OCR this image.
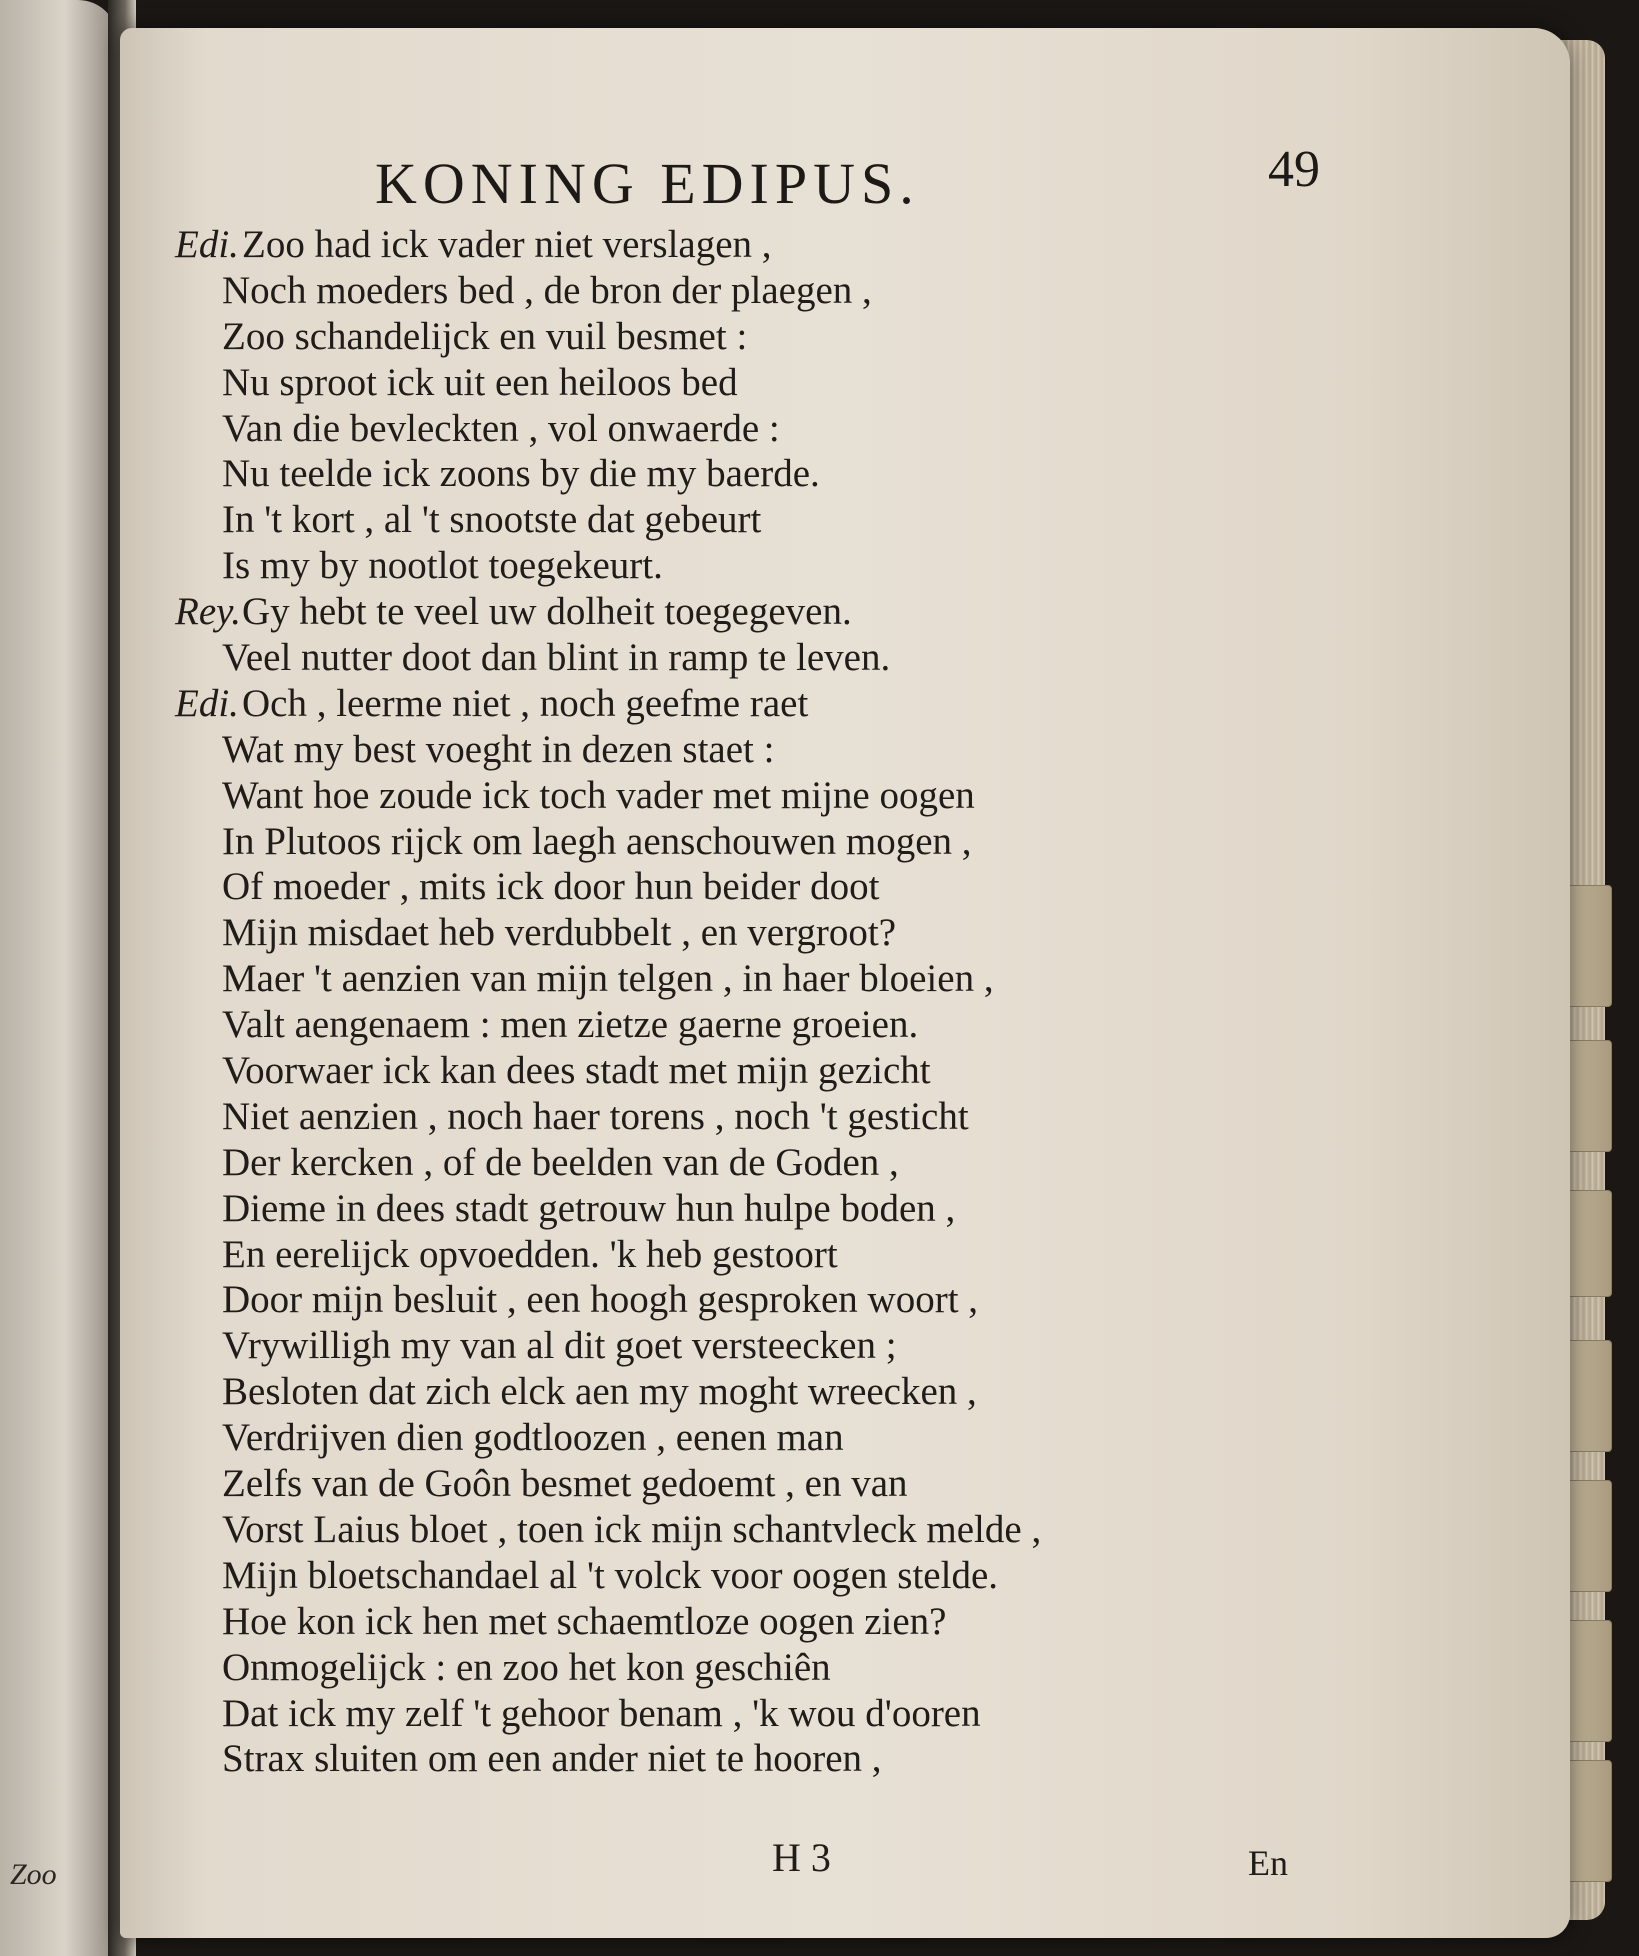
Zoo
KONING EDIPUS.	49
Edi.Zoo had ick vader niet verslagen ,
Noch moeders bed , de bron der plaegen ,
Zoo schandelijck en vuil besmet :
Nu sproot ick uit een heiloos bed
Van die bevleckten , vol onwaerde :
Nu teelde ick zoons by die my baerde.
In 't kort , al 't snootste dat gebeurt
Is my by nootlot toegekeurt.
Rey.Gy hebt te veel uw dolheit toegegeven.
Veel nutter doot dan blint in ramp te leven.
Edi.Och , leerme niet , noch geefme raet
Wat my best voeght in dezen staet :
Want hoe zoude ick toch vader met mijne oogen
In Plutoos rijck om laegh aenschouwen mogen ,
Of moeder , mits ick door hun beider doot
Mijn misdaet heb verdubbelt , en vergroot?
Maer 't aenzien van mijn telgen , in haer bloeien ,
Valt aengenaem : men zietze gaerne groeien.
Voorwaer ick kan dees stadt met mijn gezicht
Niet aenzien , noch haer torens , noch 't gesticht
Der kercken , of de beelden van de Goden ,
Dieme in dees stadt getrouw hun hulpe boden ,
En eerelijck opvoedden. 'k heb gestoort
Door mijn besluit , een hoogh gesproken woort ,
Vrywilligh my van al dit goet versteecken ;
Besloten dat zich elck aen my moght wreecken ,
Verdrijven dien godtloozen , eenen man
Zelfs van de Goôn besmet gedoemt , en van
Vorst Laius bloet , toen ick mijn schantvleck melde ,
Mijn bloetschandael al 't volck voor oogen stelde.
Hoe kon ick hen met schaemtloze oogen zien?
Onmogelijck : en zoo het kon geschiên
Dat ick my zelf 't gehoor benam , 'k wou d'ooren
Strax sluiten om een ander niet te hooren ,
H 3	En
